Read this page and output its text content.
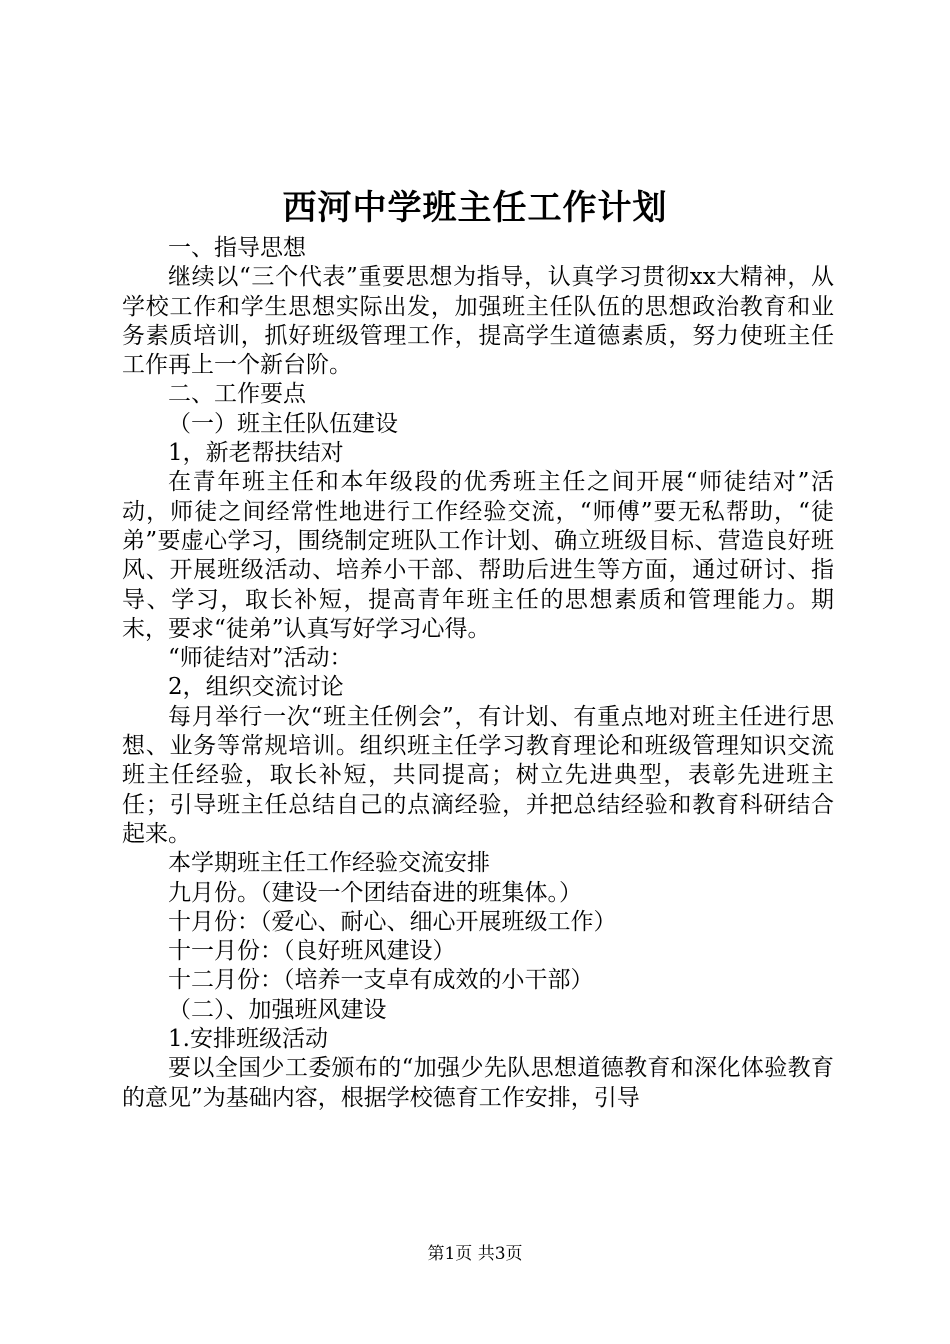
西河中学班主任工作计划

一、指导思想

继续以“三个代表”重要思想为指导，认真学习贯彻xx大精神，从学校工作和学生思想实际出发，加强班主任队伍的思想政治教育和业务素质培训，抓好班级管理工作，提高学生道德素质，努力使班主任工作再上一个新台阶。

二、工作要点

（一）班主任队伍建设

1，新老帮扶结对

在青年班主任和本年级段的优秀班主任之间开展“师徒结对”活动，师徒之间经常性地进行工作经验交流，“师傅”要无私帮助，“徒弟”要虚心学习，围绕制定班队工作计划、确立班级目标、营造良好班风、开展班级活动、培养小干部、帮助后进生等方面，通过研讨、指导、学习，取长补短，提高青年班主任的思想素质和管理能力。期末，要求“徒弟”认真写好学习心得。

“师徒结对”活动：

2，组织交流讨论

每月举行一次“班主任例会”，有计划、有重点地对班主任进行思想、业务等常规培训。组织班主任学习教育理论和班级管理知识交流班主任经验，取长补短，共同提高；树立先进典型，表彰先进班主任；引导班主任总结自己的点滴经验，并把总结经验和教育科研结合起来。

本学期班主任工作经验交流安排

九月份。（建设一个团结奋进的班集体。）

十月份：（爱心、耐心、细心开展班级工作）

十一月份：（良好班风建设）

十二月份：（培养一支卓有成效的小干部）

（二）、加强班风建设

1.安排班级活动

要以全国少工委颁布的“加强少先队思想道德教育和深化体验教育的意见”为基础内容，根据学校德育工作安排，引导

第1页 共3页
